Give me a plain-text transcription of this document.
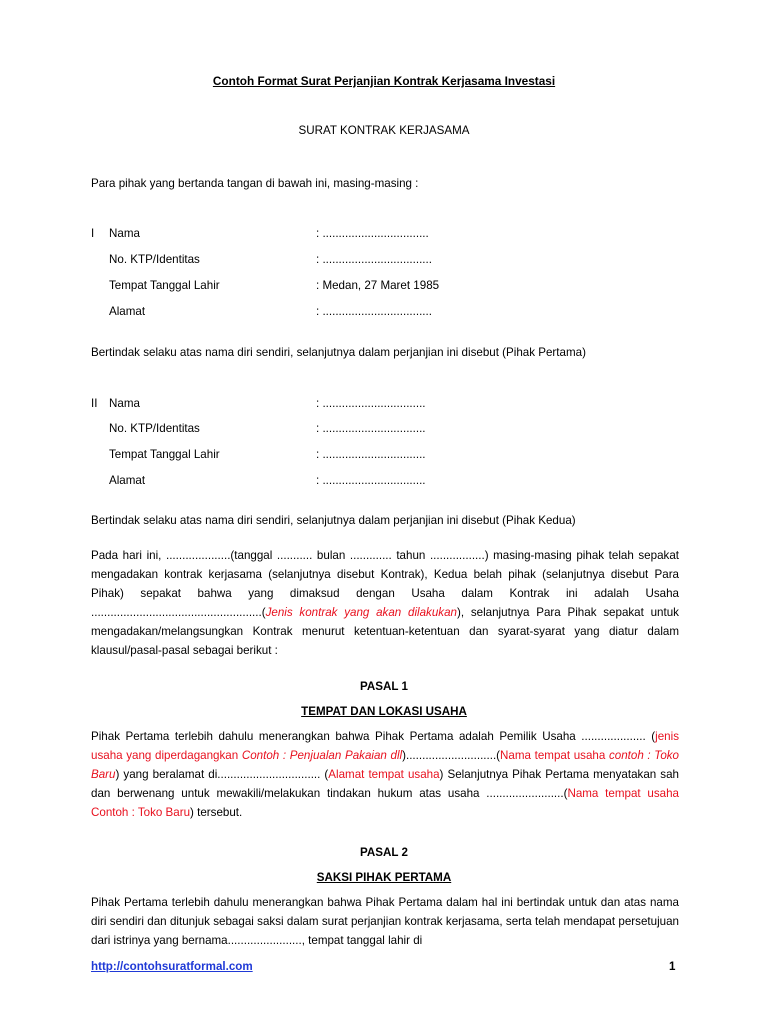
Contoh Format Surat Perjanjian Kontrak Kerjasama Investasi
SURAT KONTRAK KERJASAMA
Para pihak yang bertanda tangan di bawah ini, masing-masing :
I Nama	: .................................
No. KTP/Identitas	: ..................................
Tempat Tanggal Lahir	: Medan, 27 Maret 1985
Alamat	: ..................................
Bertindak selaku atas nama diri sendiri, selanjutnya dalam perjanjian ini disebut (Pihak Pertama)
II Nama	: ................................
No. KTP/Identitas	: ................................
Tempat Tanggal Lahir	: ................................
Alamat	: ................................
Bertindak selaku atas nama diri sendiri, selanjutnya dalam perjanjian ini disebut (Pihak Kedua)
Pada hari ini, ....................(tanggal ........... bulan ............. tahun .................) masing-masing pihak telah sepakat mengadakan kontrak kerjasama (selanjutnya disebut Kontrak), Kedua belah pihak (selanjutnya disebut Para Pihak) sepakat bahwa yang dimaksud dengan Usaha dalam Kontrak ini adalah Usaha .....................................................(Jenis kontrak yang akan dilakukan), selanjutnya Para Pihak sepakat untuk mengadakan/melangsungkan Kontrak menurut ketentuan-ketentuan dan syarat-syarat yang diatur dalam klausul/pasal-pasal sebagai berikut :
PASAL 1
TEMPAT DAN LOKASI USAHA
Pihak Pertama terlebih dahulu menerangkan bahwa Pihak Pertama adalah Pemilik Usaha .................... (jenis usaha yang diperdagangkan Contoh : Penjualan Pakaian dll)............................(Nama tempat usaha contoh : Toko Baru) yang beralamat di................................ (Alamat tempat usaha) Selanjutnya Pihak Pertama menyatakan sah dan berwenang untuk mewakili/melakukan tindakan hukum atas usaha ........................(Nama tempat usaha Contoh : Toko Baru) tersebut.
PASAL 2
SAKSI PIHAK PERTAMA
Pihak Pertama terlebih dahulu menerangkan bahwa Pihak Pertama dalam hal ini bertindak untuk dan atas nama diri sendiri dan ditunjuk sebagai saksi dalam surat perjanjian kontrak kerjasama, serta telah mendapat persetujuan dari istrinya yang bernama......................., tempat tanggal lahir di
http://contohsuratformal.com	1
